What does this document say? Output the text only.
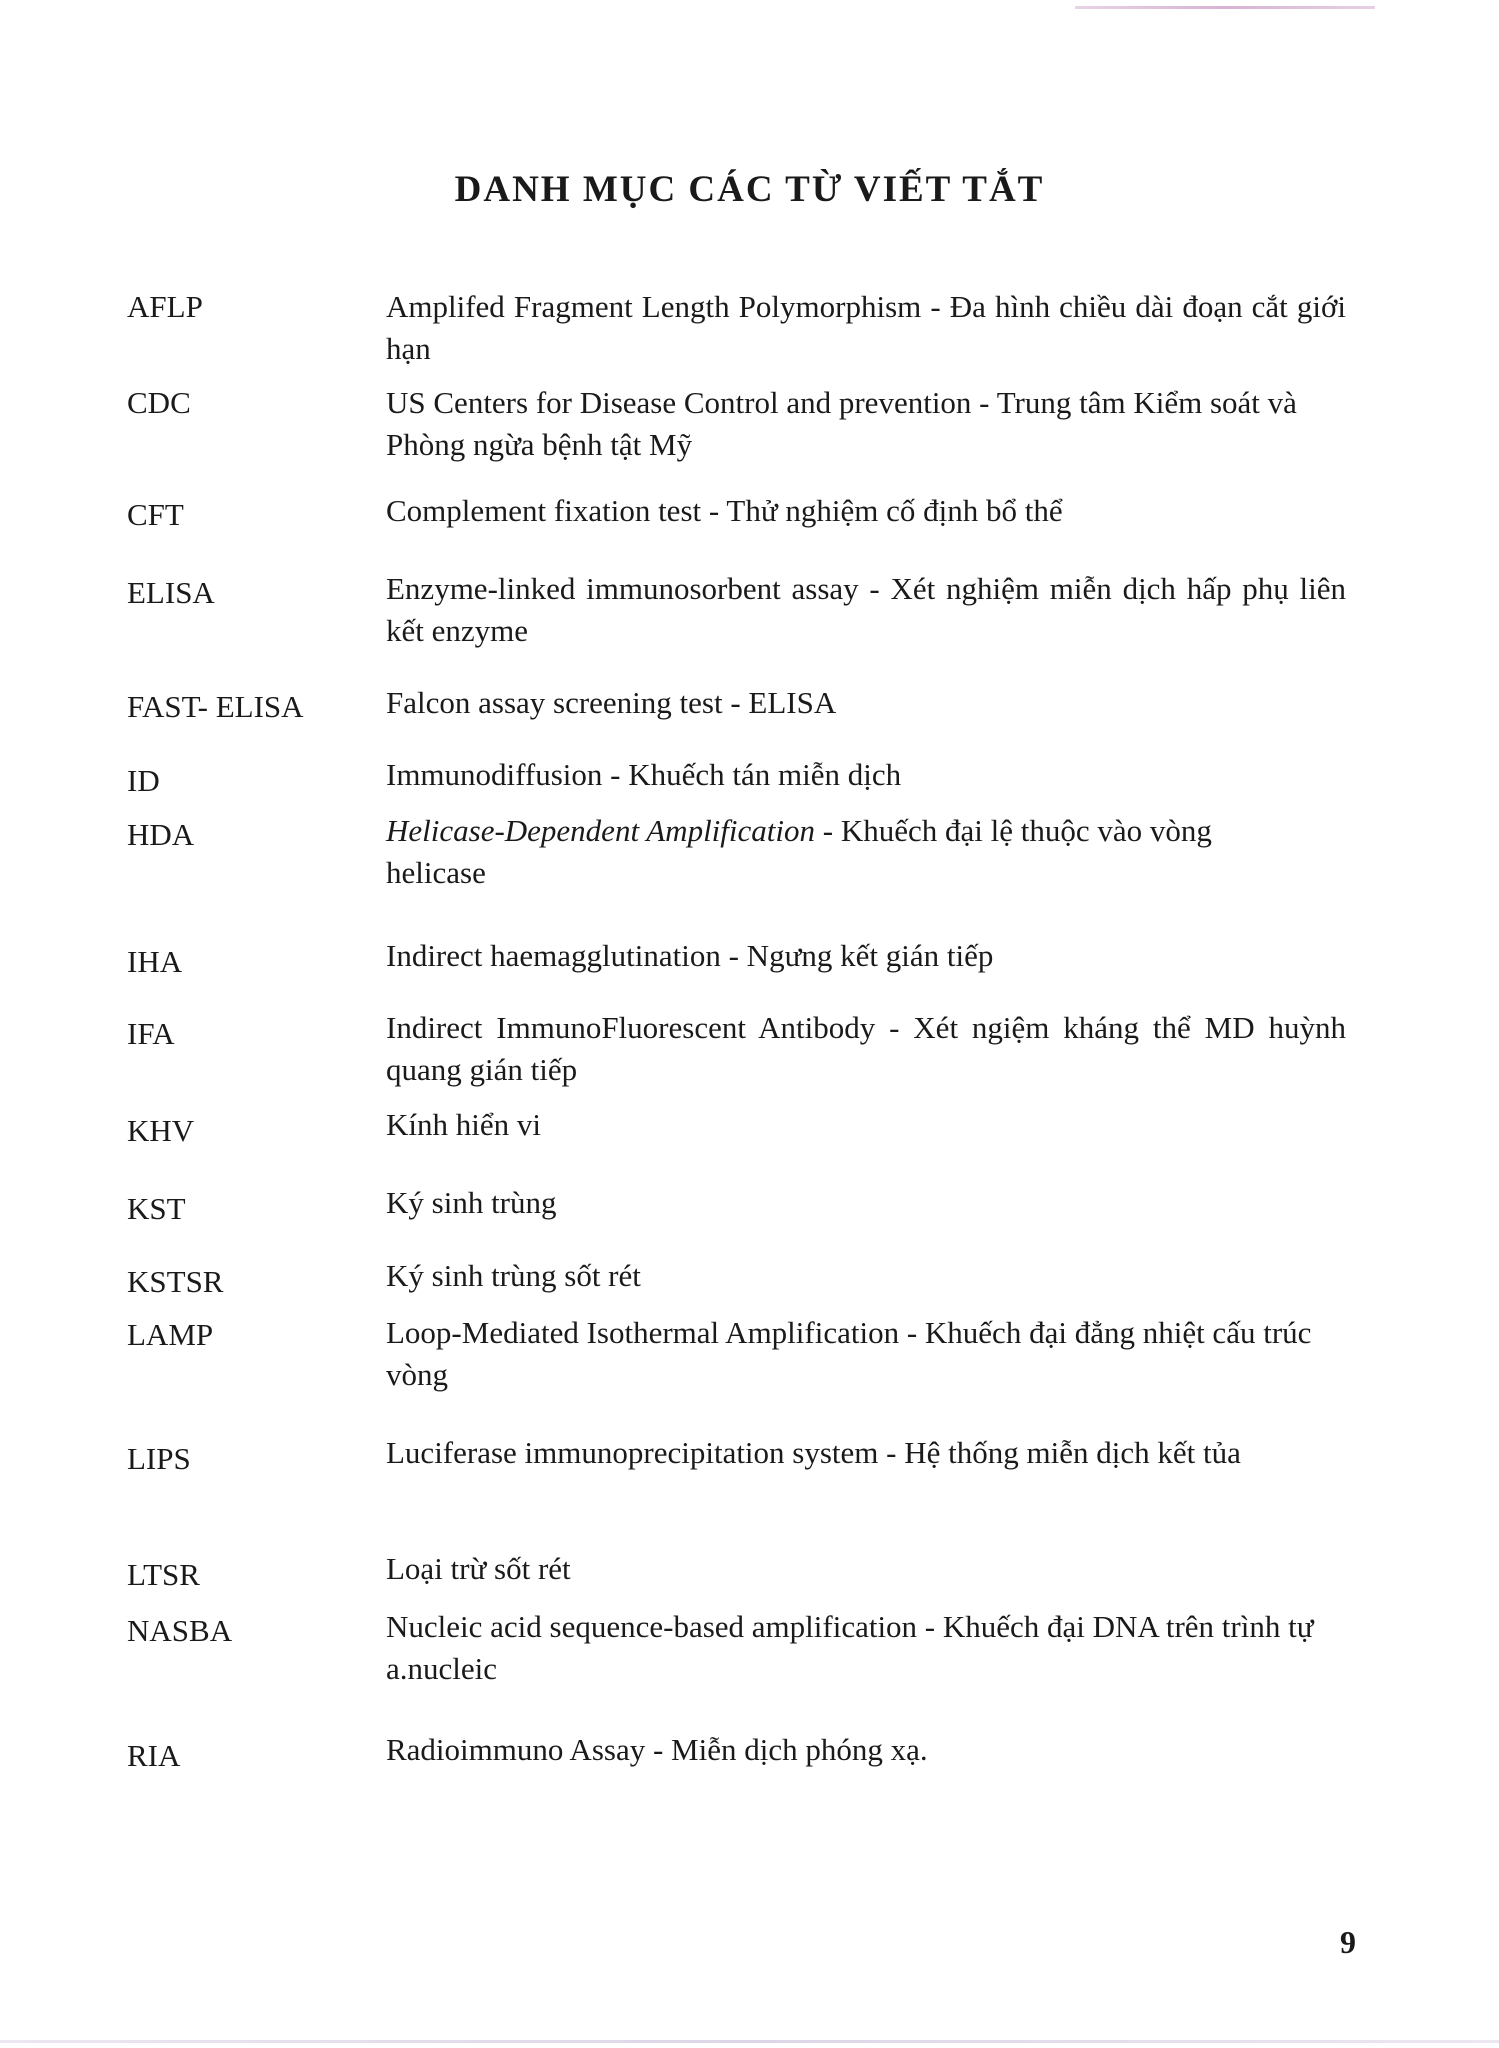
DANH MỤC CÁC TỪ VIẾT TẮT
AFLP	Amplifed Fragment Length Polymorphism - Đa hình chiều dài đoạn cắt giới hạn
CDC	US Centers for Disease Control and prevention - Trung tâm Kiểm soát và Phòng ngừa bệnh tật Mỹ
CFT	Complement fixation test - Thử nghiệm cố định bổ thể
ELISA	Enzyme-linked immunosorbent assay - Xét nghiệm miễn dịch hấp phụ liên kết enzyme
FAST- ELISA	Falcon assay screening test - ELISA
ID	Immunodiffusion - Khuếch tán miễn dịch
HDA	Helicase-Dependent Amplification - Khuếch đại lệ thuộc vào vòng helicase
IHA	Indirect haemagglutination - Ngưng kết gián tiếp
IFA	Indirect ImmunoFluorescent Antibody - Xét ngiệm kháng thể MD huỳnh quang gián tiếp
KHV	Kính hiển vi
KST	Ký sinh trùng
KSTSR	Ký sinh trùng sốt rét
LAMP	Loop-Mediated Isothermal Amplification - Khuếch đại đẳng nhiệt cấu trúc vòng
LIPS	Luciferase immunoprecipitation system - Hệ thống miễn dịch kết tủa
LTSR	Loại trừ sốt rét
NASBA	Nucleic acid sequence-based amplification - Khuếch đại DNA trên trình tự a.nucleic
RIA	Radioimmuno Assay - Miễn dịch phóng xạ.
9
